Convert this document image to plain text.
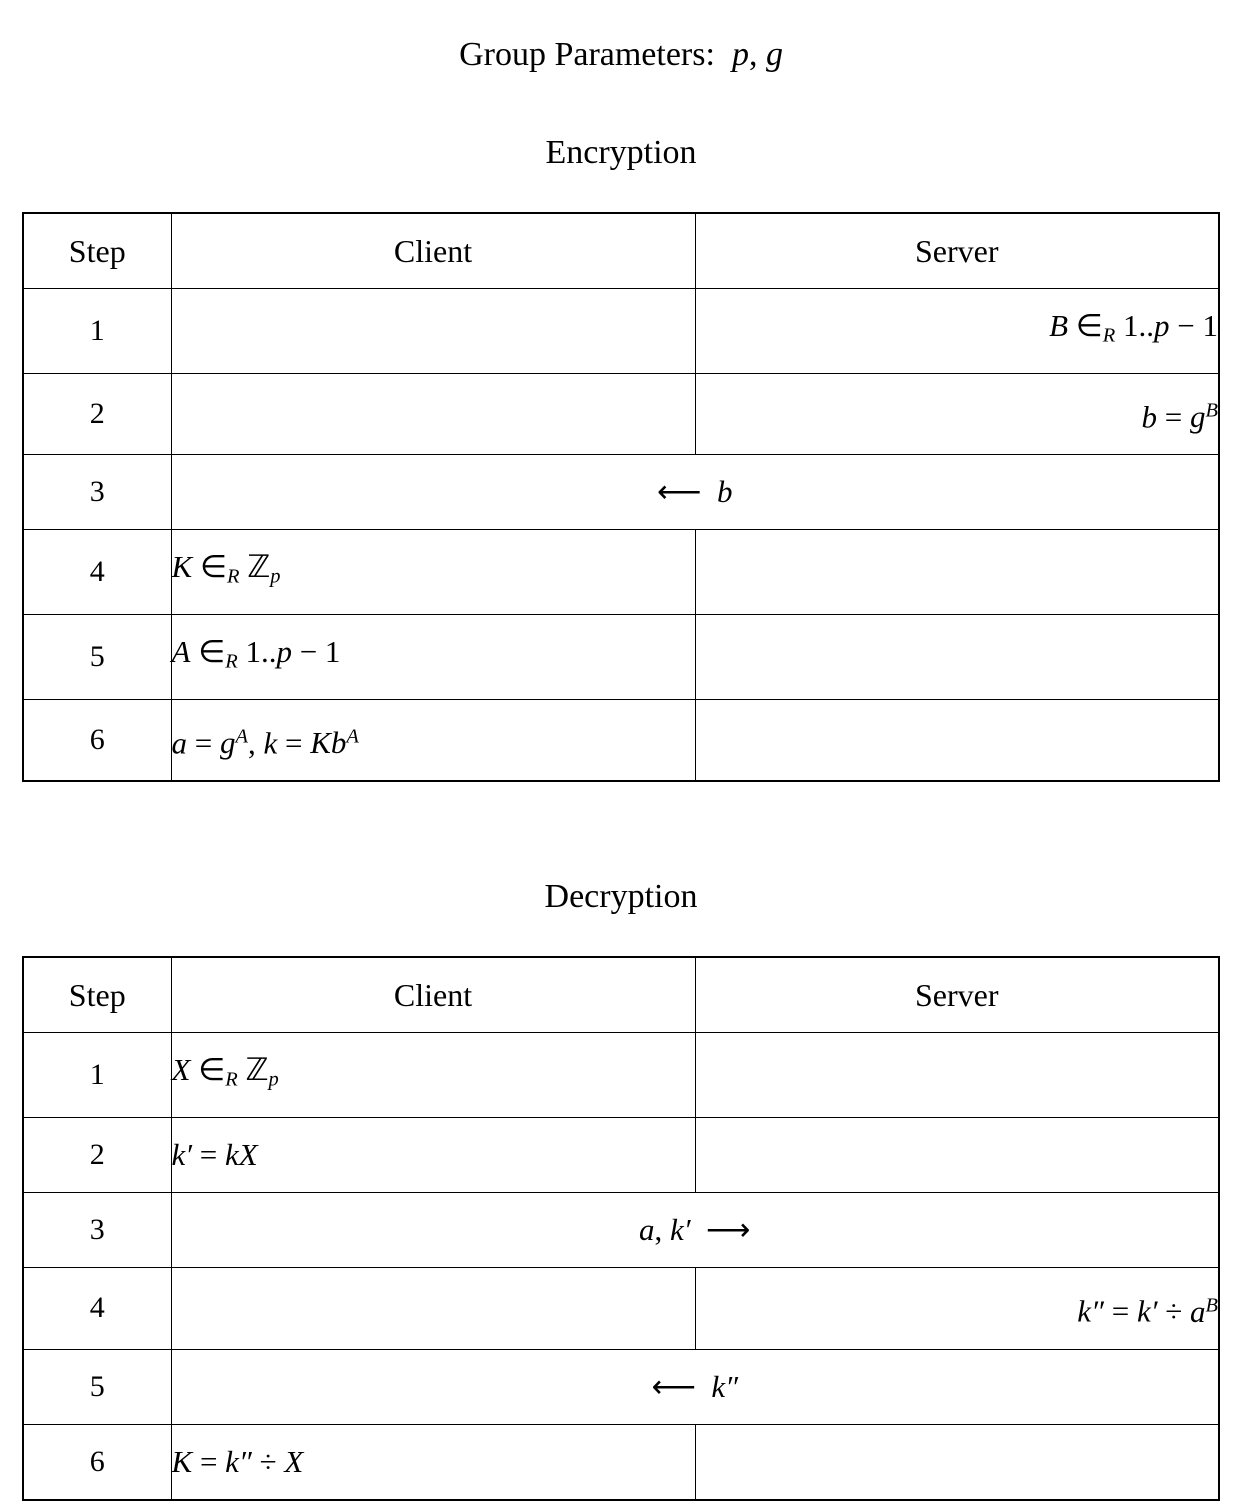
Group Parameters:  p, g
Encryption
Step	Client	Server
1		B $\in_R$ 1..p − 1
2		$b = g^B$
3	⟵ b	
4	K $\in_R$ ℤ$_p$	
5	A $\in_R$ 1..p − 1	
6	$a = g^A$, $k = Kb^A$	
Decryption
Step	Client	Server
1	X $\in_R$ ℤ$_p$	
2	k′ = kX	
3	a, k′ ⟶	
4		$k'' = k' \div a^B$
5	⟵ k″	
6	K = k″ ÷ X	
